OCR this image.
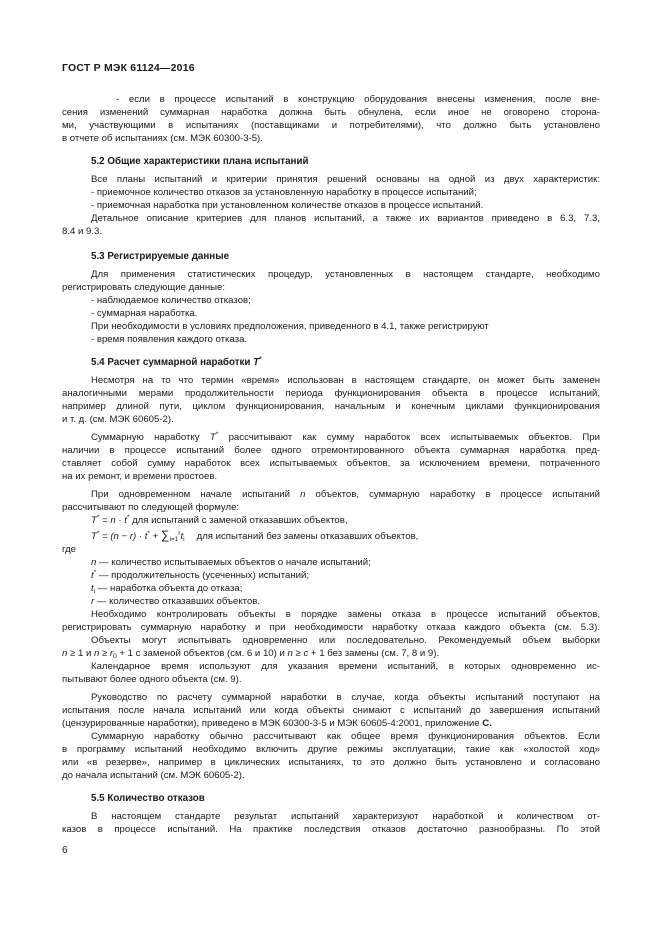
ГОСТ Р МЭК 61124—2016
- если в процессе испытаний в конструкцию оборудования внесены изменения, после вне-
сения изменений суммарная наработка должна быть обнулена, если иное не оговорено сторона-
ми, участвующими в испытаниях (поставщиками и потребителями), что должно быть установлено
в отчете об испытаниях (см. МЭК 60300-3-5).
5.2 Общие характеристики плана испытаний
Все планы испытаний и критерии принятия решений основаны на одной из двух характеристик:
- приемочное количество отказов за установленную наработку в процессе испытаний;
- приемочная наработка при установленном количестве отказов в процессе испытаний.
Детальное описание критериев для планов испытаний, а также их вариантов приведено в 6.3, 7.3,
8.4 и 9.3.
5.3 Регистрируемые данные
Для применения статистических процедур, установленных в настоящем стандарте, необходимо
регистрировать следующие данные:
- наблюдаемое количество отказов;
- суммарная наработка.
При необходимости в условиях предположения, приведенного в 4.1, также регистрируют
- время появления каждого отказа.
5.4 Расчет суммарной наработки T*
Несмотря на то что термин «время» использован в настоящем стандарте, он может быть заменен
аналогичными мерами продолжительности периода функционирования объекта в процессе испытаний,
например длиной пути, циклом функционирования, начальным и конечным циклами функционирования
и т. д. (см. МЭК 60605-2).
Суммарную наработку T* рассчитывают как сумму наработок всех испытываемых объектов. При
наличии в процессе испытаний более одного отремонтированного объекта суммарная наработка пред-
ставляет собой сумму наработок всех испытываемых объектов, за исключением времени, потраченного
на их ремонт, и времени простоев.
При одновременном начале испытаний n объектов, суммарную наработку в процессе испытаний
рассчитывают по следующей формуле:
T* = n · t* для испытаний с заменой отказавших объектов,
$T^* = (n - r) \cdot t^* + \sum_{i=1}^rt_i$ для испытаний без замены отказавших объектов,
где
n — количество испытываемых объектов о начале испытаний;
t* — продолжительность (усеченных) испытаний;
$t_i$ — наработка объекта до отказа;
r — количество отказавших объектов.
Необходимо контролировать объекты в порядке замены отказа в процессе испытаний объектов,
регистрировать суммарную наработку и при необходимости наработку отказа каждого объекта (см. 5.3).
Объекты могут испытывать одновременно или последовательно. Рекомендуемый объем выборки
n ≥ 1 и $n \ge r_0 + 1$ с заменой объектов (см. 6 и 10) и n ≥ c + 1 без замены (см. 7, 8 и 9).
Календарное время используют для указания времени испытаний, в которых одновременно ис-
пытывают более одного объекта (см. 9).
Руководство по расчету суммарной наработки в случае, когда объекты испытаний поступают на
испытания после начала испытаний или когда объекты снимают с испытаний до завершения испытаний
(цензурированные наработки), приведено в МЭК 60300-3-5 и МЭК 60605-4:2001, приложение C.
Суммарную наработку обычно рассчитывают как общее время функционирования объектов. Если
в программу испытаний необходимо включить другие режимы эксплуатации, такие как «холостой ход»
или «в резерве», например в циклических испытаниях, то это должно быть установлено и согласовано
до начала испытаний (см. МЭК 60605-2).
5.5 Количество отказов
В настоящем стандарте результат испытаний характеризуют наработкой и количеством от-
казов в процессе испытаний. На практике последствия отказов достаточно разнообразны. По этой
6
